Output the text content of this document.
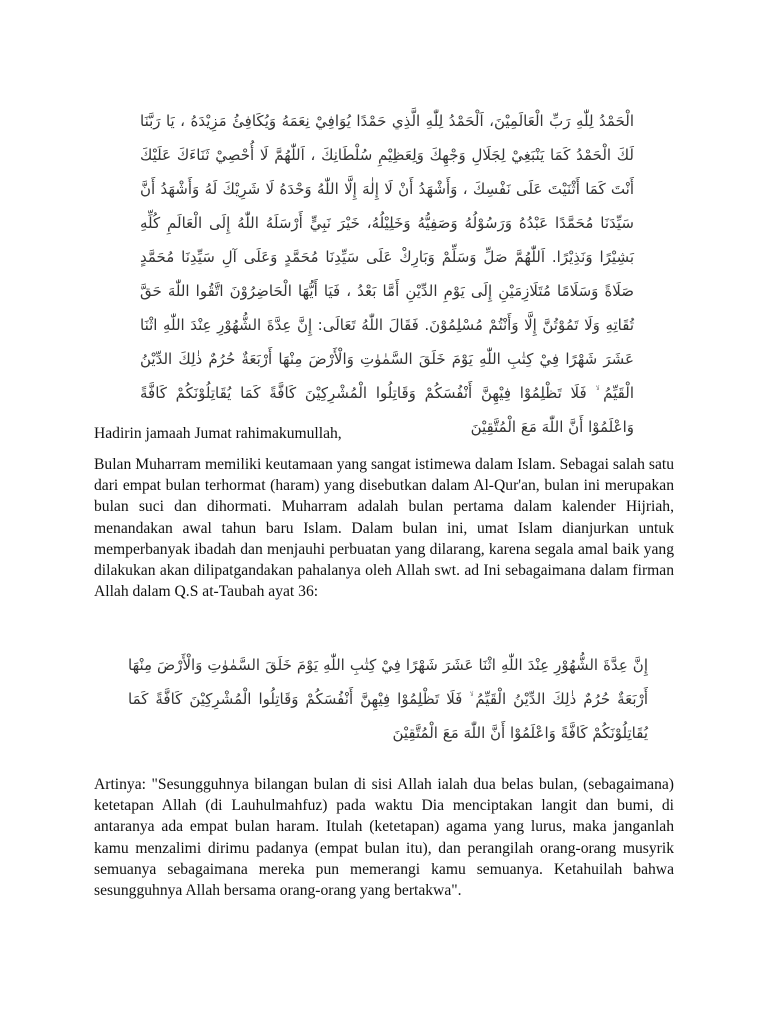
الْحَمْدُ لِلّٰهِ رَبِّ الْعَالَمِيْنَ، اَلْحَمْدُ لِلّٰهِ الَّذِي حَمْدًا يُوَافِيْ نِعَمَهُ وَيُكَافِئُ مَزِيْدَهُ ، يَا رَبَّنَا لَكَ الْحَمْدُ كَمَا يَنْبَغِيْ لِجَلَالِ وَجْهِكَ وَلِعَظِيْمِ سُلْطَانِكَ ، اَللّٰهُمَّ لَا أُحْصِيْ ثَنَاءَكَ عَلَيْكَ أَنْتَ كَمَا أَثْنَيْتَ عَلَى نَفْسِكَ ، وَأَشْهَدُ أَنْ لَا إِلٰهَ إِلَّا اللّٰهُ وَحْدَهُ لَا شَرِيْكَ لَهُ وَأَشْهَدُ أَنَّ سَيِّدَنَا مُحَمَّدًا عَبْدُهُ وَرَسُوْلُهُ وَصَفِيُّهُ وَخَلِيْلُهُ، خَيْرَ نَبِيٍّ أَرْسَلَهُ اللّٰهُ إِلَى الْعَالَمِ كُلِّهِ بَشِيْرًا وَنَذِيْرًا. اَللّٰهُمَّ صَلِّ وَسَلِّمْ وَبَارِكْ عَلَى سَيِّدِنَا مُحَمَّدٍ وَعَلَى آلِ سَيِّدِنَا مُحَمَّدٍ صَلَاةً وَسَلَامًا مُتَلَازِمَيْنِ إِلَى يَوْمِ الدِّيْنِ أَمَّا بَعْدُ ، فَيَا أَيُّهَا الْحَاضِرُوْنَ اتَّقُوا اللّٰهَ حَقَّ تُقَاتِهِ وَلَا تَمُوْتُنَّ إِلَّا وَأَنْتُمْ مُسْلِمُوْنَ. فَقَالَ اللّٰهُ تَعَالَى: إِنَّ عِدَّةَ الشُّهُوْرِ عِنْدَ اللّٰهِ اثْنَا عَشَرَ شَهْرًا فِيْ كِتٰبِ اللّٰهِ يَوْمَ خَلَقَ السَّمٰوٰتِ وَالْأَرْضَ مِنْهَا أَرْبَعَةٌ حُرُمٌ ذٰلِكَ الدِّيْنُ الْقَيِّمُ ۙ فَلَا تَظْلِمُوْا فِيْهِنَّ أَنْفُسَكُمْ وَقَاتِلُوا الْمُشْرِكِيْنَ كَافَّةً كَمَا يُقَاتِلُوْنَكُمْ كَافَّةً وَاعْلَمُوْا أَنَّ اللّٰهَ مَعَ الْمُتَّقِيْنَ

Hadirin jamaah Jumat rahimakumullah,

Bulan Muharram memiliki keutamaan yang sangat istimewa dalam Islam. Sebagai salah satu dari empat bulan terhormat (haram) yang disebutkan dalam Al-Qur'an, bulan ini merupakan bulan suci dan dihormati. Muharram adalah bulan pertama dalam kalender Hijriah, menandakan awal tahun baru Islam. Dalam bulan ini, umat Islam dianjurkan untuk memperbanyak ibadah dan menjauhi perbuatan yang dilarang, karena segala amal baik yang dilakukan akan dilipatgandakan pahalanya oleh Allah swt. ad Ini sebagaimana dalam firman Allah dalam Q.S at-Taubah ayat 36:

إِنَّ عِدَّةَ الشُّهُوْرِ عِنْدَ اللّٰهِ اثْنَا عَشَرَ شَهْرًا فِيْ كِتٰبِ اللّٰهِ يَوْمَ خَلَقَ السَّمٰوٰتِ وَالْأَرْضَ مِنْهَا أَرْبَعَةٌ حُرُمٌ ذٰلِكَ الدِّيْنُ الْقَيِّمُ ۙ فَلَا تَظْلِمُوْا فِيْهِنَّ أَنْفُسَكُمْ وَقَاتِلُوا الْمُشْرِكِيْنَ كَافَّةً كَمَا يُقَاتِلُوْنَكُمْ كَافَّةً وَاعْلَمُوْا أَنَّ اللّٰهَ مَعَ الْمُتَّقِيْنَ

Artinya: "Sesungguhnya bilangan bulan di sisi Allah ialah dua belas bulan, (sebagaimana) ketetapan Allah (di Lauhulmahfuz) pada waktu Dia menciptakan langit dan bumi, di antaranya ada empat bulan haram. Itulah (ketetapan) agama yang lurus, maka janganlah kamu menzalimi dirimu padanya (empat bulan itu), dan perangilah orang-orang musyrik semuanya sebagaimana mereka pun memerangi kamu semuanya. Ketahuilah bahwa sesungguhnya Allah bersama orang-orang yang bertakwa".
